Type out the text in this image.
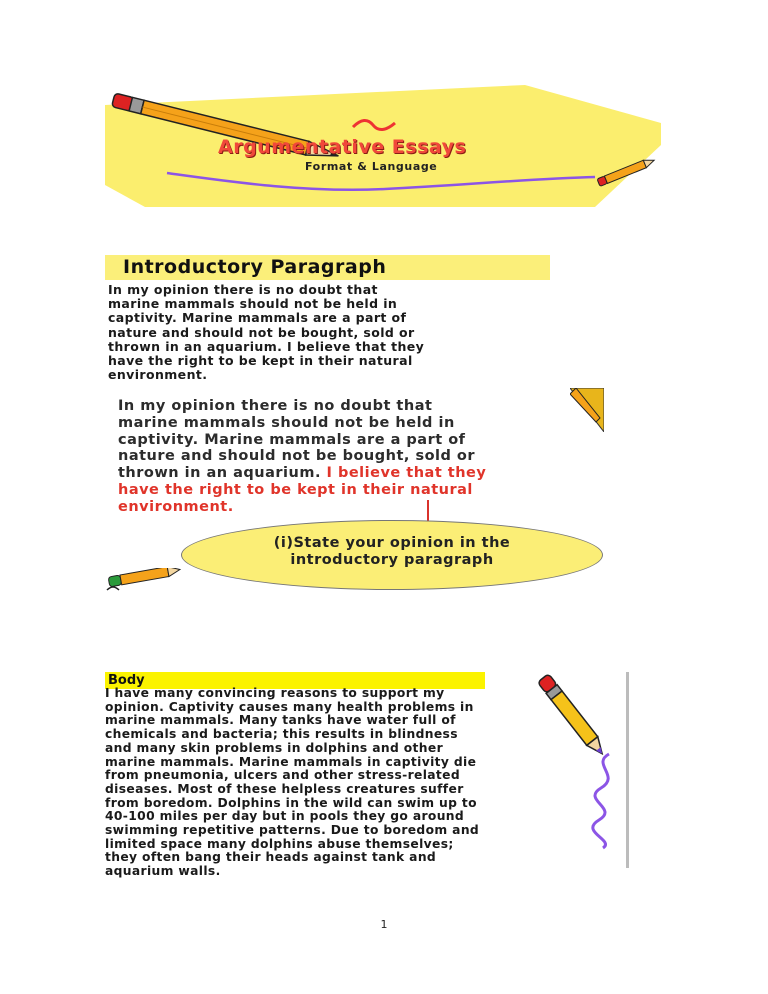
Argumentative Essays
Format & Language
Introductory Paragraph
In my opinion there is no doubt that
marine mammals should not be held in
captivity. Marine mammals are a part of
nature and should not be bought, sold or
thrown in an aquarium. I believe that they
have the right to be kept in their natural
environment.
In my opinion there is no doubt that
marine mammals should not be held in
captivity. Marine mammals are a part of
nature and should not be bought, sold or
thrown in an aquarium. I believe that they
have the right to be kept in their natural
environment.
(i)State your opinion in the
introductory paragraph
Body
I have many convincing reasons to support my
opinion. Captivity causes many health problems in
marine mammals. Many tanks have water full of
chemicals and bacteria; this results in blindness
and many skin problems in dolphins and other
marine mammals. Marine mammals in captivity die
from pneumonia, ulcers and other stress-related
diseases. Most of these helpless creatures suffer
from boredom. Dolphins in the wild can swim up to
40-100 miles per day but in pools they go around
swimming repetitive patterns. Due to boredom and
limited space many dolphins abuse themselves;
they often bang their heads against tank and
aquarium walls.
1
